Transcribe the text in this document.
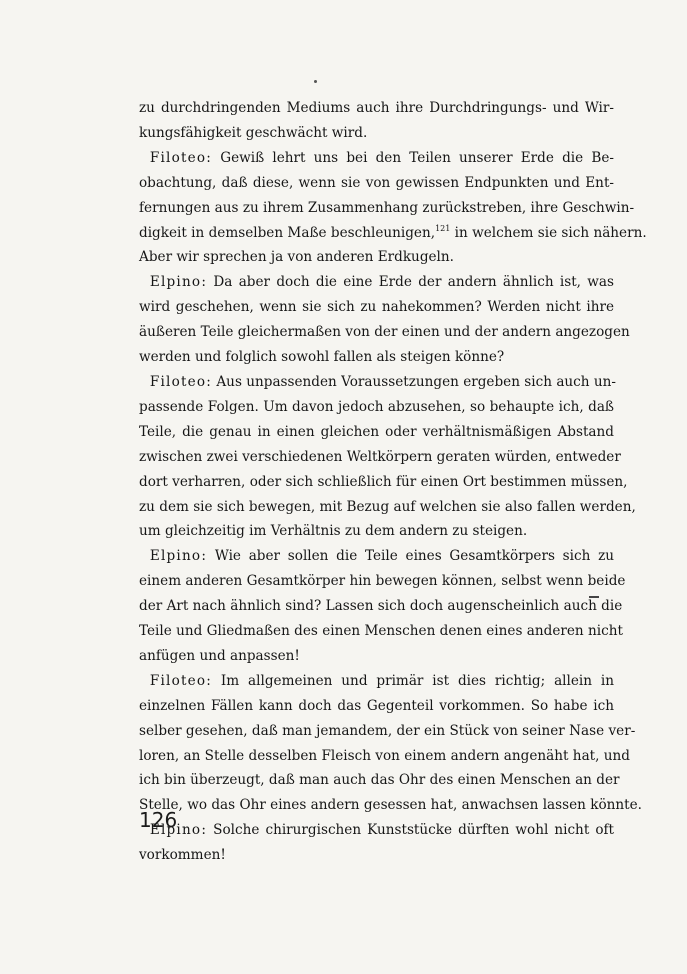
zu durchdringenden Mediums auch ihre Durchdringungs- und Wir-
kungsfähigkeit geschwächt wird.

    Filoteo: Gewiß lehrt uns bei den Teilen unserer Erde die Be-
obachtung, daß diese, wenn sie von gewissen Endpunkten und Ent-
fernungen aus zu ihrem Zusammenhang zurückstreben, ihre Geschwin-
digkeit in demselben Maße beschleunigen,$^{121}$ in welchem sie sich nähern.
Aber wir sprechen ja von anderen Erdkugeln.

    Elpino: Da aber doch die eine Erde der andern ähnlich ist, was
wird geschehen, wenn sie sich zu nahekommen? Werden nicht ihre
äußeren Teile gleichermaßen von der einen und der andern angezogen
werden und folglich sowohl fallen als steigen könne?

    Filoteo: Aus unpassenden Voraussetzungen ergeben sich auch un-
passende Folgen. Um davon jedoch abzusehen, so behaupte ich, daß
Teile, die genau in einen gleichen oder verhältnismäßigen Abstand
zwischen zwei verschiedenen Weltkörpern geraten würden, entweder
dort verharren, oder sich schließlich für einen Ort bestimmen müssen,
zu dem sie sich bewegen, mit Bezug auf welchen sie also fallen werden,
um gleichzeitig im Verhältnis zu dem andern zu steigen.

    Elpino: Wie aber sollen die Teile eines Gesamtkörpers sich zu
einem anderen Gesamtkörper hin bewegen können, selbst wenn beide
der Art nach ähnlich sind? Lassen sich doch augenscheinlich auch die
Teile und Gliedmaßen des einen Menschen denen eines anderen nicht
anfügen und anpassen!

    Filoteo: Im allgemeinen und primär ist dies richtig; allein in
einzelnen Fällen kann doch das Gegenteil vorkommen. So habe ich
selber gesehen, daß man jemandem, der ein Stück von seiner Nase ver-
loren, an Stelle desselben Fleisch von einem andern angenäht hat, und
ich bin überzeugt, daß man auch das Ohr des einen Menschen an der
Stelle, wo das Ohr eines andern gesessen hat, anwachsen lassen könnte.

    Elpino: Solche chirurgischen Kunststücke dürften wohl nicht oft
vorkommen!

126
